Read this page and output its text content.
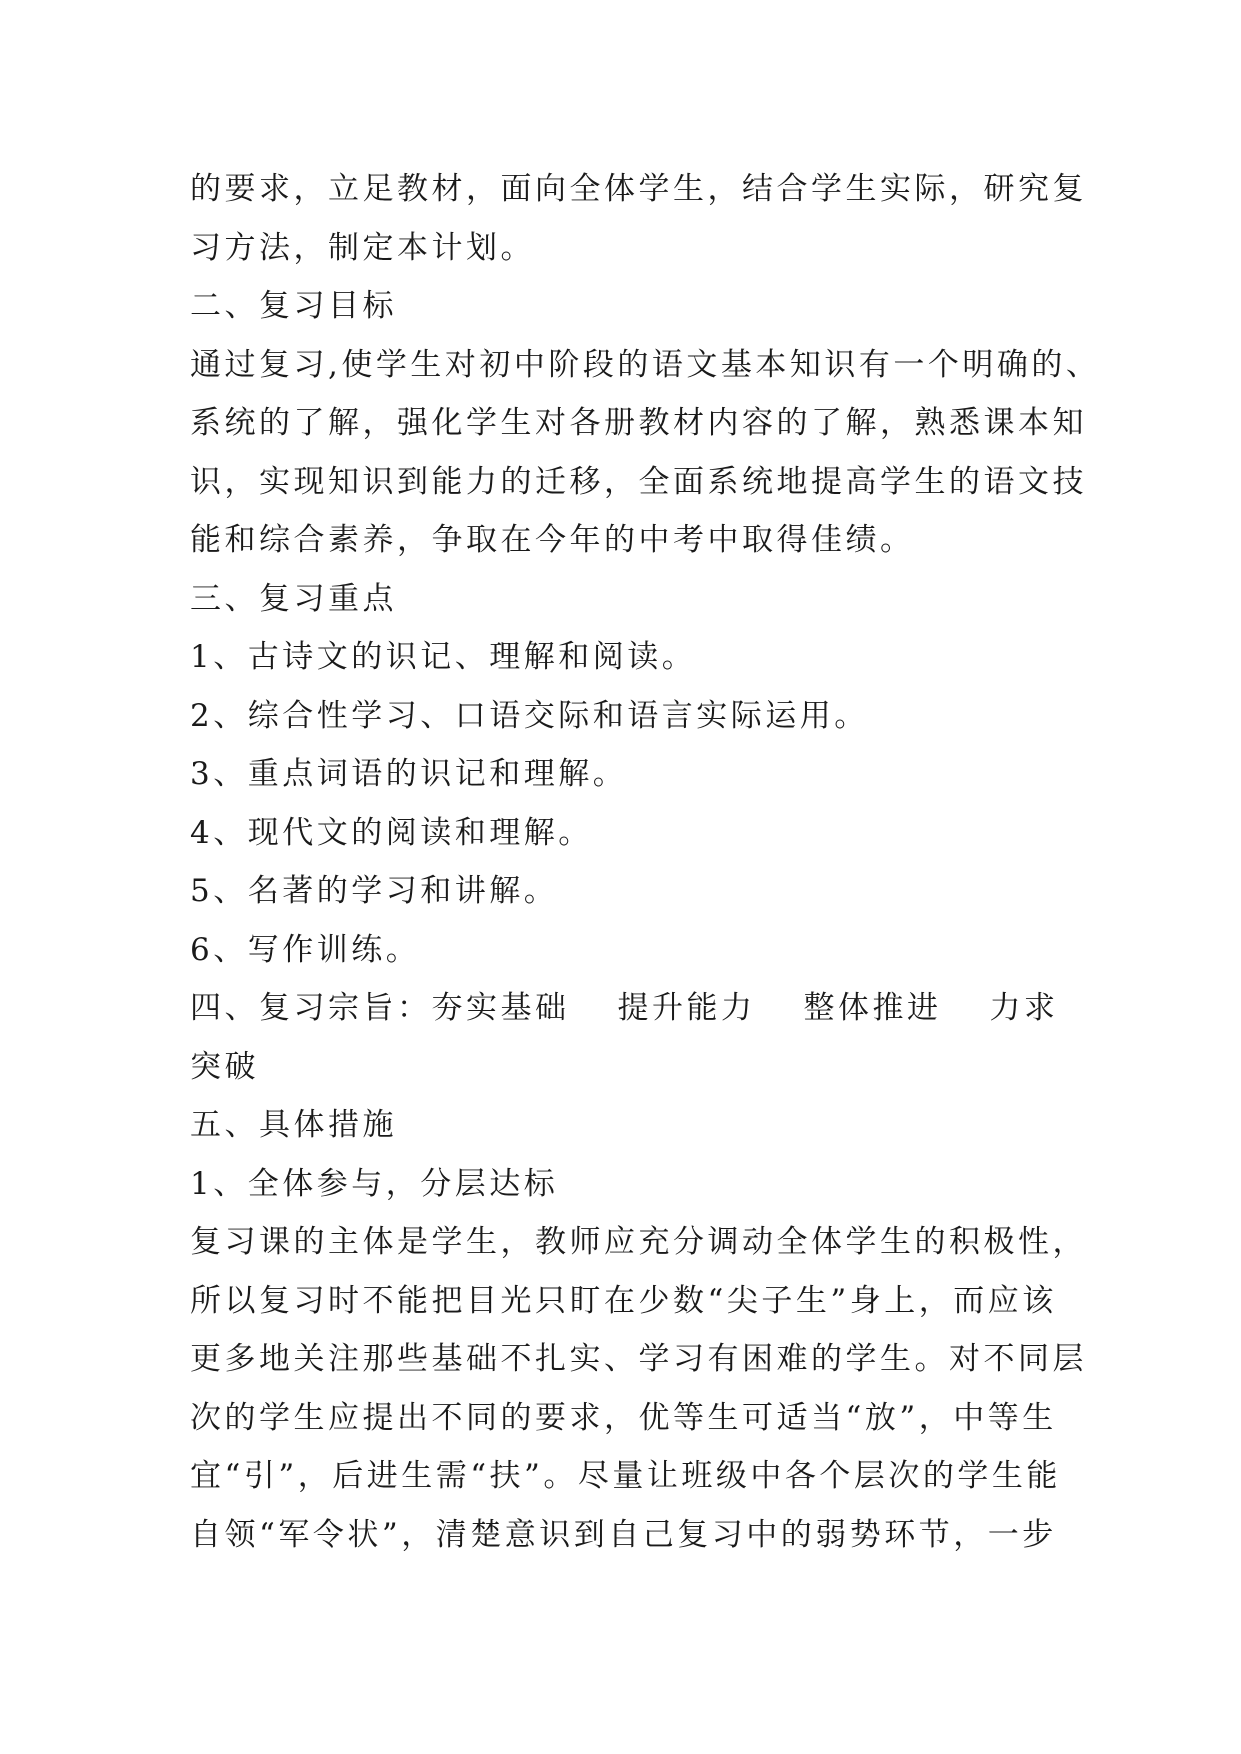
的要求，立足教材，面向全体学生，结合学生实际，研究复

习方法，制定本计划。

二、复习目标

通过复习,使学生对初中阶段的语文基本知识有一个明确的、

系统的了解，强化学生对各册教材内容的了解，熟悉课本知

识，实现知识到能力的迁移，全面系统地提高学生的语文技

能和综合素养，争取在今年的中考中取得佳绩。

三、复习重点

1、古诗文的识记、理解和阅读。

2、综合性学习、口语交际和语言实际运用。

3、重点词语的识记和理解。

4、现代文的阅读和理解。

5、名著的学习和讲解。

6、写作训练。

四、复习宗旨：夯实基础 提升能力 整体推进 力求

突破

五、具体措施

1、全体参与，分层达标

复习课的主体是学生，教师应充分调动全体学生的积极性，

所以复习时不能把目光只盯在少数“尖子生”身上，而应该

更多地关注那些基础不扎实、学习有困难的学生。对不同层

次的学生应提出不同的要求，优等生可适当“放”，中等生

宜“引”，后进生需“扶”。尽量让班级中各个层次的学生能

自领“军令状”，清楚意识到自己复习中的弱势环节，一步
